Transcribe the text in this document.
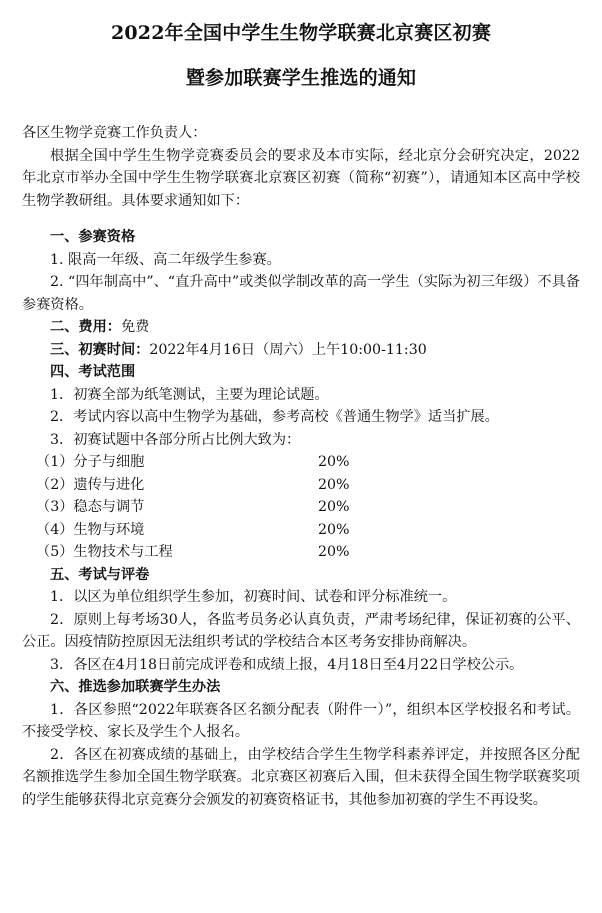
2022年全国中学生生物学联赛北京赛区初赛
暨参加联赛学生推选的通知

各区生物学竞赛工作负责人：

根据全国中学生生物学竞赛委员会的要求及本市实际，经北京分会研究决定，2022年北京市举办全国中学生生物学联赛北京赛区初赛（简称“初赛”），请通知本区高中学校生物学教研组。具体要求通知如下：

一、参赛资格

1. 限高一年级、高二年级学生参赛。

2. “四年制高中”、“直升高中”或类似学制改革的高一学生（实际为初三年级）不具备参赛资格。

二、费用：免费

三、初赛时间：2022年4月16日（周六）上午10:00-11:30

四、考试范围

1．初赛全部为纸笔测试，主要为理论试题。

2．考试内容以高中生物学为基础，参考高校《普通生物学》适当扩展。

3．初赛试题中各部分所占比例大致为：

（1）分子与细胞	20%
（2）遗传与进化	20%
（3）稳态与调节	20%
（4）生物与环境	20%
（5）生物技术与工程	20%

五、考试与评卷

1．以区为单位组织学生参加，初赛时间、试卷和评分标准统一。

2．原则上每考场30人，各监考员务必认真负责，严肃考场纪律，保证初赛的公平、公正。因疫情防控原因无法组织考试的学校结合本区考务安排协商解决。

3．各区在4月18日前完成评卷和成绩上报，4月18日至4月22日学校公示。

六、推选参加联赛学生办法

1．各区参照“2022年联赛各区名额分配表（附件一）”，组织本区学校报名和考试。不接受学校、家长及学生个人报名。

2．各区在初赛成绩的基础上，由学校结合学生生物学科素养评定，并按照各区分配名额推选学生参加全国生物学联赛。北京赛区初赛后入围，但未获得全国生物学联赛奖项的学生能够获得北京竞赛分会颁发的初赛资格证书，其他参加初赛的学生不再设奖。
